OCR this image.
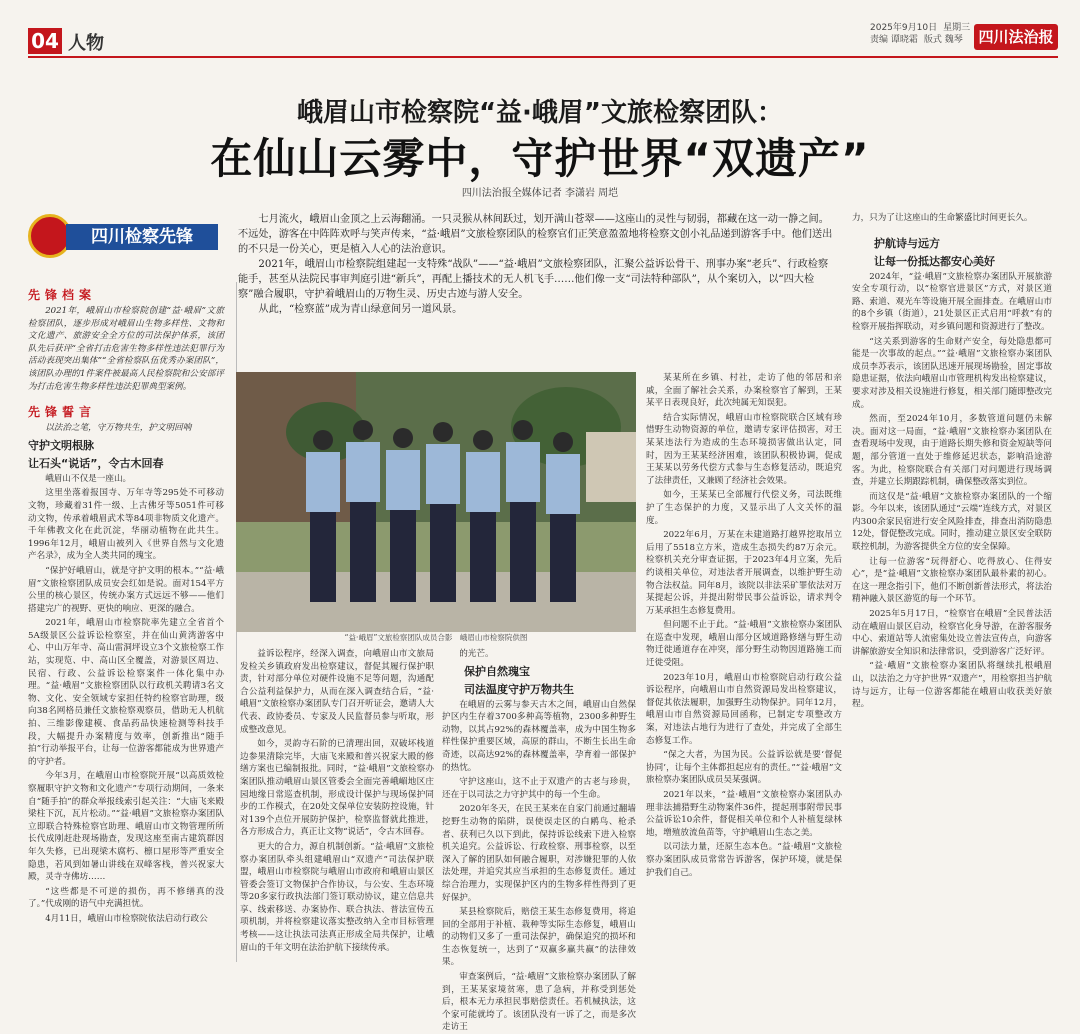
04 人物
2025年9月10日 星期三
责编 谭晓霜 版式 魏琴	四川法治报
峨眉山市检察院“益·峨眉”文旅检察团队：
在仙山云雾中，守护世界“双遗产”
四川法治报全媒体记者 李潇岩 周垲
四川检察先锋

七月流火，峨眉山金顶之上云海翻涌。一只灵猴从林间跃过，划开满山苍翠——这座山的灵性与韧弱，都藏在这一动一静之间。不远处，游客在中阵阵欢呼与笑声传来，“益·峨眉”文旅检察团队的检察官们正笑意盈盈地将检察文创小礼品递到游客手中。他们送出的不只是一份关心，更是植入人心的法治意识。

2021年，峨眉山市检察院组建起一支特殊“战队”——“益·峨眉”文旅检察团队，汇聚公益诉讼骨干、刑事办案“老兵”、行政检察能手，甚至从法院民事审判庭引进“新兵”，再配上播技术的无人机飞手……他们像一支“司法特种部队”，从个案切入，以“四大检察”融合履职，守护着峨眉山的万物生灵、历史古迹与游人安全。

从此，“检察蓝”成为青山绿意间另一道风景。

先锋档案

2021年，峨眉山市检察院创建“益·峨眉”文旅检察团队，逐步形成对峨眉山生物多样性、文物和文化遗产、旅游安全全方位的司法保护体系，该团队先后获评“全省打击危害生物多样性违法犯罪行为活动表现突出集体”“全省检察队伍优秀办案团队”，该团队办理的1件案件被最高人民检察院和公安部评为打击危害生物多样性违法犯罪典型案例。

先锋誓言

以法治之笔，守万物共生，护文明回响

守护文明根脉

让石头“说话”，令古木回春

峨眉山不仅是一座山。

这里坐落着报国寺、万年寺等295处不可移动文物，珍藏着31件一级、上古佛牙等5051件可移动文物，传承着峨眉武术等84项非物质文化遗产。千年佛教文化在此沉淀，华丽动植物在此共生。1996年12月，峨眉山被列入《世界自然与文化遗产名录》，成为全人类共同的瑰宝。

“保护好峨眉山，就是守护文明的根本。”“益·峨眉”文旅检察团队成员安会红如是说。面对154平方公里的核心景区，传统办案方式远远不够——他们搭建完广的视野、更快的响应、更深的融合。

2021年，峨眉山市检察院率先建立全省首个5A级景区公益诉讼检察室，并在仙山黄湾游客中心、中山万年寺、高山雷洞坪设立3个文旅检察工作站，实现览、中、高山区全覆盖，对游景区周边、民宿、行政、公益诉讼检察案件一体化集中办理。“益·峨眉”文旅检察团队以行政机关聘请3名文物、文化、安全领域专家担任特约检察官助理，级向38名网格员兼任文旅检察观察员，借助无人机航拍、三维影像建模、食品药品快速检测等科技手段，大幅提升办案精度与效率，创新推出“随手拍”行动举报平台，让每一位游客都能成为世界遗产的守护者。

今年3月，在峨眉山市检察院开展“以高质效检察履职守护文物和文化遗产”专项行动期间，一条来自“随手拍”的群众举报线索引起关注：“大庙飞来殿梁柱下沉，瓦片松动。”“益·峨眉”文旅检察办案团队立即联合特殊检察官助理、峨眉山市文物管理所所长代成刚赶赴现场勘查，发现这座至南古建筑群因年久失修，已出现梁木腐朽、檩口屋形等严重安全隐患，若风到如暑山讲线在双峰客栈，普兴祝家大殿，灵寺寺佛坊……

“这些都是不可逆的损伤，再不修缮真的没了。”代成刚的语气中充满担忧。

4月11日，峨眉山市检察院依法启动行政公

“益·峨眉”文旅检察团队成员合影　峨眉山市检察院供图

益诉讼程序，经深入调查，向峨眉山市文旅局发检关乡镇政府发出检察建议，督促其履行保护职责，针对部分单位对硬件设施不足等问题，沟通配合公益利益保护力，从而在深入调查结合后，“益·峨眉”文旅检察办案团队专门召开听证会，邀请人大代表、政协委员、专家及人民监督员参与听取，形成整改意见。

如今，灵韵寺石阶的已清理出回，双破坏栈道边参果清除完毕，大庙飞来殿和普兴祝家大殿的修缮方案也已编制报批。同时，“益·峨眉”文旅检察办案团队推动峨眉山景区管委会全面完善峨嵋地区庄园地缘日常巡查机制，形成设计保护与现场保护同步的工作模式，在20处文保单位安装防控设施，针对139个点位开展防护保护，检察监督就此推进，各方形成合力，真正让文物“说话”，令古木回春。

更大的合力，源自机制创新。“益·峨眉”文旅检察办案团队牵头组建峨眉山“双遗产”司法保护联盟，峨眉山市检察院与峨眉山市政府和峨眉山景区管委会签订文物保护合作协议，与公安、生态环境等20多家行政执法部门签订联动协议，建立信息共享、线索移送、办案协作、联合执法、普法宣传五项机制，并将检察建议落实整改纳入全市目标管理考核——这让执法司法真正形成全局共保护，让峨眉山的千年文明在法治护航下接续传承。

的光芒。

保护自然瑰宝

司法温度守护万物共生

在峨眉的云雾与参天古木之间，峨眉山自然保护区内生存着3700多种高等植物，2300多种野生动物，以其占92%的森林覆盖率，成为中国生物多样性保护重要区域，高原的群山，不断生长出生命奇迹，以高达92%的森林覆盖率，孕育着一部保护的热忱。

守护这座山，这不止于双遗产的古老与珍贵，还在于以司法之力守护其中的每一个生命。

2020年冬天，在民王某来在自家门前通过翻墙挖野生动物的陷阱，误使误走区的白鹇鸟、枪杀者、获利已久以下到此，保持诉讼线索下进入检察机关追究。公益诉讼、行政检察、刑事检察，以至深入了解的团队如何融合履职，对涉嫌犯罪的人依法处理，并追究其应当承担的生态修复责任。通过综合治理力，实现保护区内的生物多样性得到了更好保护。

某县检察院后，赔偿王某生态修复费用，将追回的全部用于补植、栽种等实际生态修复，峨眉山的动物们又多了一重司法保护，确保追究的损坏和生态恢复统一，达到了“双赢多赢共赢”的法律效果。

审查案例后，“益·峨眉”文旅检察办案团队了解到，王某某家境贫寒，患了急病，并称受到惩处后，根本无力承担民事赔偿责任。若机械执法，这个家可能就垮了。该团队没有一诉了之，而是多次走访王

某某所在乡镇、村社，走访了他的邻居和亲戚，全面了解社会关系，办案检察官了解到，王某某平日表现良好，此次纯属无知误犯。

结合实际情况，峨眉山市检察院联合区域有珍惜野生动物资源的单位，邀请专家评估损害，对王某某违法行为造成的生态环境损害做出认定，同时，因为王某某经济困难，该团队积极协调，促成王某某以劳务代偿方式参与生态修复活动，既追究了法律责任，又兼顾了经济社会效果。

如今，王某某已全部履行代偿义务，司法既维护了生态保护的力度，又显示出了人文关怀的温度。

2022年6月，万某在未建道路打越界挖取吊立后用了5518立方米，造成生态损失约87万余元。检察机关充分审查证据，于2023年4月立案，先后约谈相关单位，对违法者开展调查，以维护野生动物合法权益。同年8月，该院以非法采矿罪依法对万某提起公诉，并提出附带民事公益诉讼，请求判令万某承担生态修复费用。

但问题不止于此。“益·峨眉”文旅检察办案团队在巡查中发现，峨眉山部分区域道路修缮与野生动物迁徙通道存在冲突，部分野生动物因道路施工而迁徙受阻。

2023年10月，峨眉山市检察院启动行政公益诉讼程序，向峨眉山市自然资源局发出检察建议，督促其依法履职，加强野生动物保护。同年12月，峨眉山市自然资源局回函称，已制定专项整改方案，对违法占地行为进行了查处，并完成了全部生态修复工作。

“保之大者，为国为民。公益诉讼就是要‘督促协同’，让每个主体都担起应有的责任。”“益·峨眉”文旅检察办案团队成员吴某强调。

2021年以来，“益·峨眉”文旅检察办案团队办理非法捕猎野生动物案件36件，提起刑事附带民事公益诉讼10余件，督促相关单位和个人补植复绿林地，增殖放流鱼苗等，守护峨眉山生态之美。

以司法力量，还原生态本色。“益·峨眉”文旅检察办案团队成员常常告诉游客，保护环境，就是保护我们自己。

力，只为了让这座山的生命繁盛比时间更长久。

护航诗与远方

让每一份抵达都安心美好

2024年，“益·峨眉”文旅检察办案团队开展旅游安全专项行动，以“检察官进景区”方式，对景区道路、索道、观光车等设施开展全面排查。在峨眉山市的8个乡镇（街道），21处景区正式启用“呼救”有的检察开展指挥联动，对乡镇问题和资源进行了整改。

“这关系到游客的生命财产安全，每处隐患都可能是一次事故的起点。”“益·峨眉”文旅检察办案团队成员李苏表示，该团队迅速开展现场勘验，固定事故隐患证据，依法向峨眉山市管理机构发出检察建议，要求对涉及相关设施进行修复，相关部门随即整改完成。

然而，至2024年10月，多数管道问题仍未解决。面对这一局面，“益·峨眉”文旅检察办案团队在查看现场中发现，由于道路长期失修和资金短缺等问题，部分管道一直处于维修延迟状态，影响沿途游客。为此，检察院联合有关部门对问题进行现场调查，并建立长期跟踪机制，确保整改落实到位。

而这仅是“益·峨眉”文旅检察办案团队的一个缩影。今年以来，该团队通过“云端”连线方式，对景区内300余家民宿进行安全风险排查，排查出消防隐患12处，督促整改完成。同时，推动建立景区安全联防联控机制，为游客提供全方位的安全保障。

让每一位游客“玩得舒心、吃得放心、住得安心”，是“益·峨眉”文旅检察办案团队最朴素的初心。在这一理念指引下，他们不断创新普法形式，将法治精神融入景区游览的每一个环节。

2025年5月17日，“检察官在峨眉”全民普法活动在峨眉山景区启动，检察官化身导游，在游客服务中心、索道站等人流密集处设立普法宣传点，向游客讲解旅游安全知识和法律常识，受到游客广泛好评。

“益·峨眉”文旅检察办案团队将继续扎根峨眉山，以法治之力守护世界“双遗产”，用检察担当护航诗与远方，让每一位游客都能在峨眉山收获美好旅程。
